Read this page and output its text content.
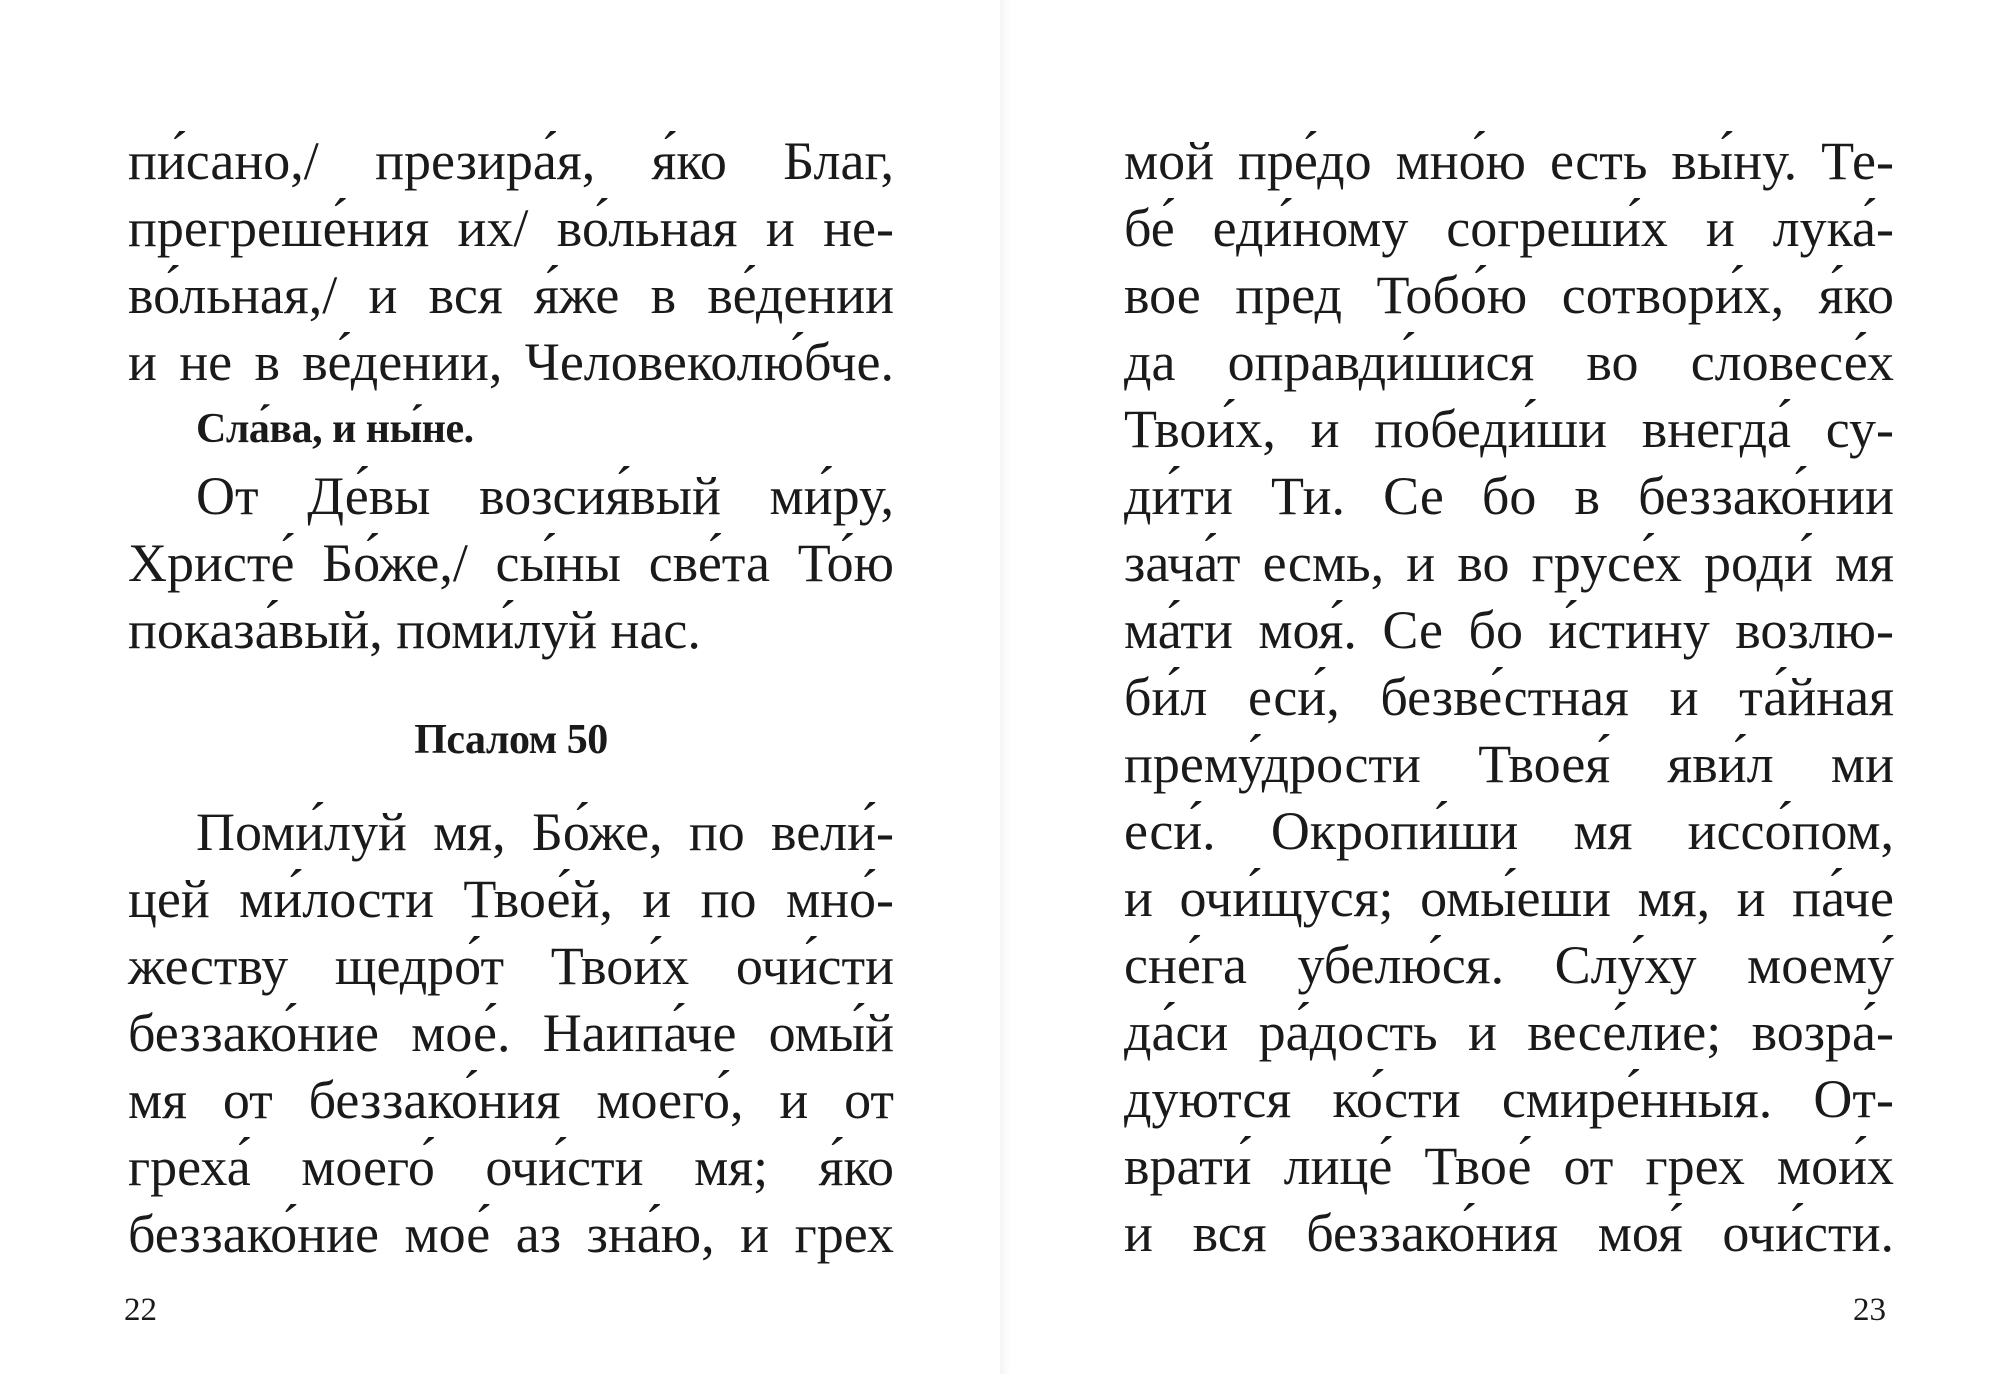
пи́сано,/ презира́я, я́ко Благ,
прегреше́ния их/ во́льная и не-
во́льная,/ и вся я́же в ве́дении
и не в ве́дении, Человеколю́бче.
Сла́ва, и ны́не.
От Де́вы возсия́вый ми́ру,
Христе́ Бо́же,/ сы́ны све́та То́ю
показа́вый, поми́луй нас.
Псалом 50
Поми́луй мя, Бо́же, по вели́-
цей ми́лости Твое́й, и по мно́-
жеству щедро́т Твои́х очи́сти
беззако́ние мое́. Наипа́че омы́й
мя от беззако́ния моего́, и от
греха́ моего́ очи́сти мя; я́ко
беззако́ние мое́ аз зна́ю, и грех
22
мой пре́до мно́ю есть вы́ну. Те-
бе́ еди́ному согреши́х и лука́-
вое пред Тобо́ю сотвори́х, я́ко
да оправди́шися во словесе́х
Твои́х, и победи́ши внегда́ су-
ди́ти Ти. Се бо в беззако́нии
зача́т есмь, и во грусе́х роди́ мя
ма́ти моя́. Се бо и́стину возлю-
би́л еси́, безве́стная и та́йная
прему́дрости Твоея́ яви́л ми
еси́. Окропи́ши мя иссо́пом,
и очи́щуся; омы́еши мя, и па́че
сне́га убелю́ся. Слу́ху моему́
да́си ра́дость и весе́лие; возра́-
дуются ко́сти смире́нныя. От-
врати́ лице́ Твое́ от грех мои́х
и вся беззако́ния моя́ очи́сти.
23
